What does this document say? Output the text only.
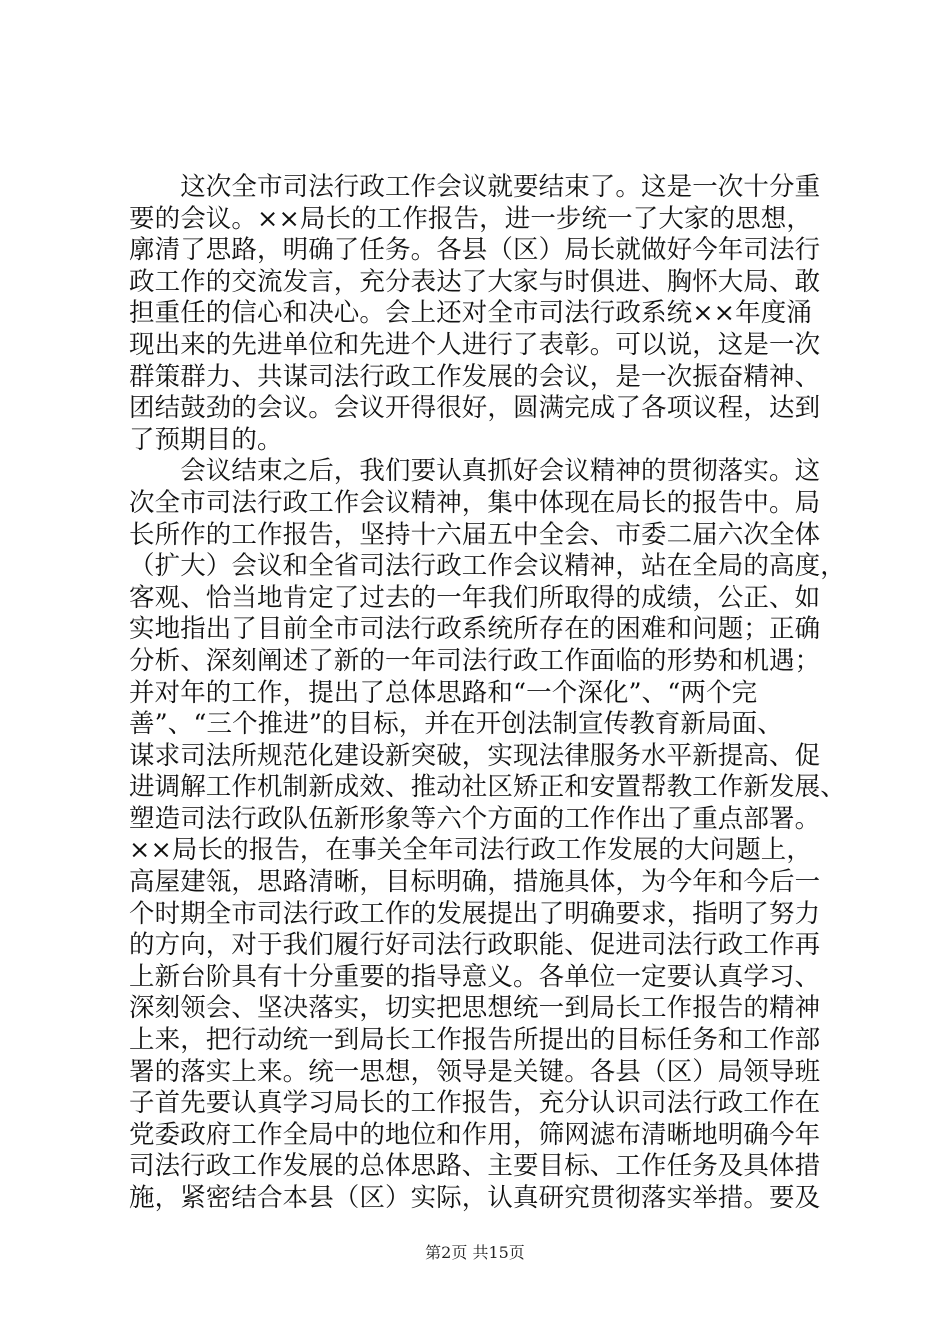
　　这次全市司法行政工作会议就要结束了。这是一次十分重
要的会议。××局长的工作报告，进一步统一了大家的思想，
廓清了思路，明确了任务。各县（区）局长就做好今年司法行
政工作的交流发言，充分表达了大家与时俱进、胸怀大局、敢
担重任的信心和决心。会上还对全市司法行政系统××年度涌
现出来的先进单位和先进个人进行了表彰。可以说，这是一次
群策群力、共谋司法行政工作发展的会议，是一次振奋精神、
团结鼓劲的会议。会议开得很好，圆满完成了各项议程，达到
了预期目的。
　　会议结束之后，我们要认真抓好会议精神的贯彻落实。这
次全市司法行政工作会议精神，集中体现在局长的报告中。局
长所作的工作报告，坚持十六届五中全会、市委二届六次全体
（扩大）会议和全省司法行政工作会议精神，站在全局的高度，
客观、恰当地肯定了过去的一年我们所取得的成绩，公正、如
实地指出了目前全市司法行政系统所存在的困难和问题；正确
分析、深刻阐述了新的一年司法行政工作面临的形势和机遇；
并对年的工作，提出了总体思路和“一个深化”、“两个完
善”、“三个推进”的目标，并在开创法制宣传教育新局面、
谋求司法所规范化建设新突破，实现法律服务水平新提高、促
进调解工作机制新成效、推动社区矫正和安置帮教工作新发展、
塑造司法行政队伍新形象等六个方面的工作作出了重点部署。
××局长的报告，在事关全年司法行政工作发展的大问题上，
高屋建瓴，思路清晰，目标明确，措施具体，为今年和今后一
个时期全市司法行政工作的发展提出了明确要求，指明了努力
的方向，对于我们履行好司法行政职能、促进司法行政工作再
上新台阶具有十分重要的指导意义。各单位一定要认真学习、
深刻领会、坚决落实，切实把思想统一到局长工作报告的精神
上来，把行动统一到局长工作报告所提出的目标任务和工作部
署的落实上来。统一思想，领导是关键。各县（区）局领导班
子首先要认真学习局长的工作报告，充分认识司法行政工作在
党委政府工作全局中的地位和作用，筛网滤布清晰地明确今年
司法行政工作发展的总体思路、主要目标、工作任务及具体措
施，紧密结合本县（区）实际，认真研究贯彻落实举措。要及
第2页 共15页
